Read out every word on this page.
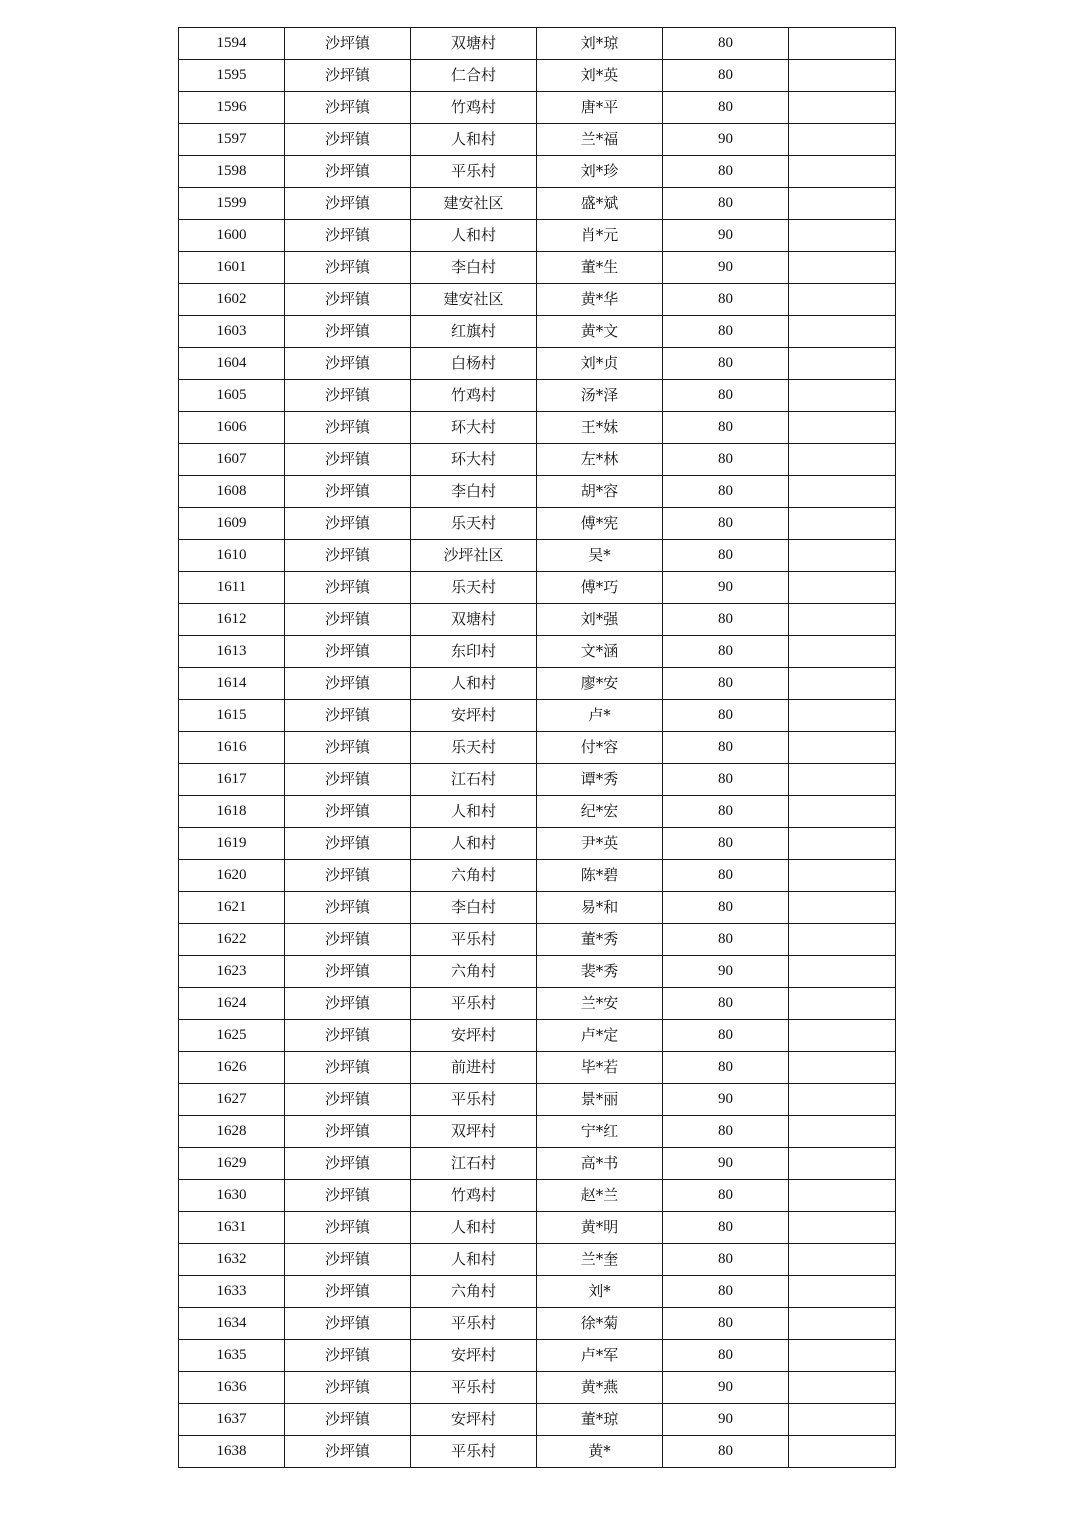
1594	沙坪镇	双塘村	刘*琼	80	
1595	沙坪镇	仁合村	刘*英	80	
1596	沙坪镇	竹鸡村	唐*平	80	
1597	沙坪镇	人和村	兰*福	90	
1598	沙坪镇	平乐村	刘*珍	80	
1599	沙坪镇	建安社区	盛*斌	80	
1600	沙坪镇	人和村	肖*元	90	
1601	沙坪镇	李白村	董*生	90	
1602	沙坪镇	建安社区	黄*华	80	
1603	沙坪镇	红旗村	黄*文	80	
1604	沙坪镇	白杨村	刘*贞	80	
1605	沙坪镇	竹鸡村	汤*泽	80	
1606	沙坪镇	环大村	王*妹	80	
1607	沙坪镇	环大村	左*林	80	
1608	沙坪镇	李白村	胡*容	80	
1609	沙坪镇	乐天村	傅*宪	80	
1610	沙坪镇	沙坪社区	吴*	80	
1611	沙坪镇	乐天村	傅*巧	90	
1612	沙坪镇	双塘村	刘*强	80	
1613	沙坪镇	东印村	文*涵	80	
1614	沙坪镇	人和村	廖*安	80	
1615	沙坪镇	安坪村	卢*	80	
1616	沙坪镇	乐天村	付*容	80	
1617	沙坪镇	江石村	谭*秀	80	
1618	沙坪镇	人和村	纪*宏	80	
1619	沙坪镇	人和村	尹*英	80	
1620	沙坪镇	六角村	陈*碧	80	
1621	沙坪镇	李白村	易*和	80	
1622	沙坪镇	平乐村	董*秀	80	
1623	沙坪镇	六角村	裴*秀	90	
1624	沙坪镇	平乐村	兰*安	80	
1625	沙坪镇	安坪村	卢*定	80	
1626	沙坪镇	前进村	毕*若	80	
1627	沙坪镇	平乐村	景*丽	90	
1628	沙坪镇	双坪村	宁*红	80	
1629	沙坪镇	江石村	高*书	90	
1630	沙坪镇	竹鸡村	赵*兰	80	
1631	沙坪镇	人和村	黄*明	80	
1632	沙坪镇	人和村	兰*奎	80	
1633	沙坪镇	六角村	刘*	80	
1634	沙坪镇	平乐村	徐*菊	80	
1635	沙坪镇	安坪村	卢*军	80	
1636	沙坪镇	平乐村	黄*燕	90	
1637	沙坪镇	安坪村	董*琼	90	
1638	沙坪镇	平乐村	黄*	80	
